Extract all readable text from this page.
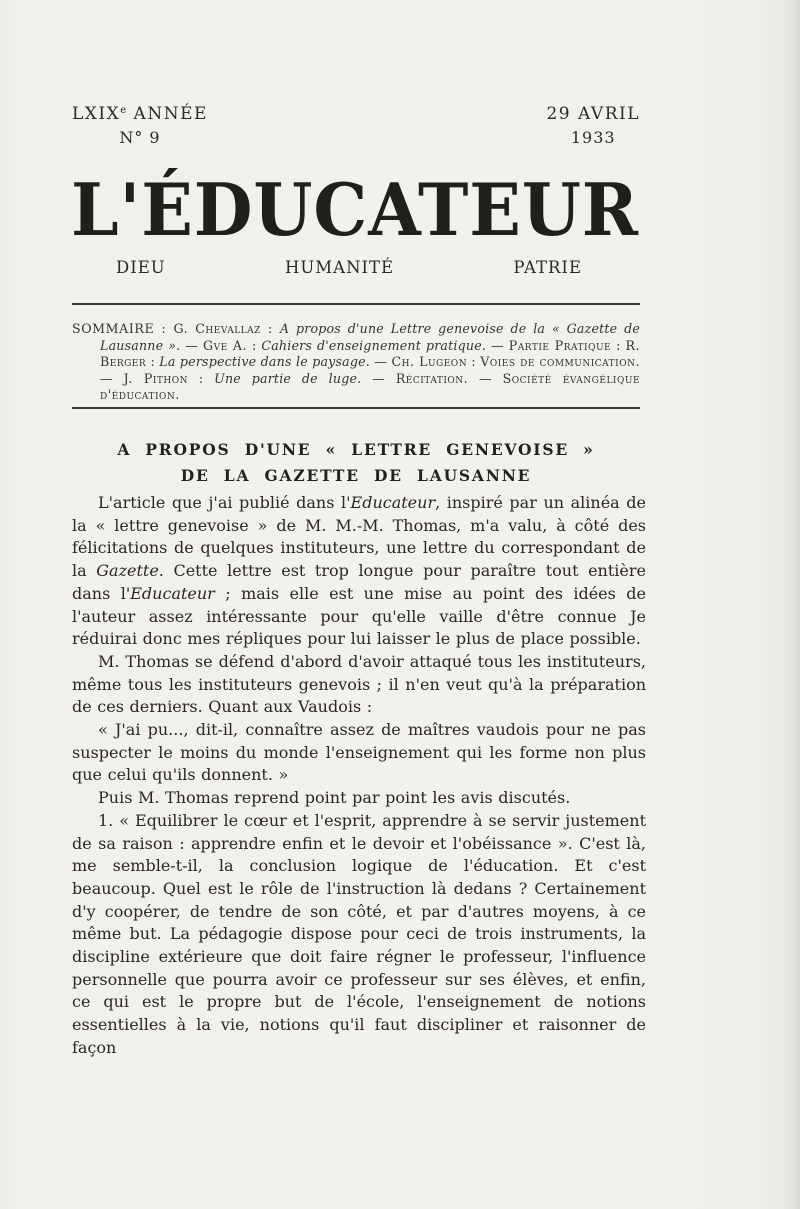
LXIXe ANNÉE
N° 9
29 AVRIL
1933
L'ÉDUCATEUR
DIEU	HUMANITÉ	PATRIE

SOMMAIRE : G. Chevallaz : A propos d'une Lettre genevoise de la « Gazette de Lausanne ». — Gve A. : Cahiers d'enseignement pratique. — Partie Pratique : R. Berger : La perspective dans le paysage. — Ch. Lugeon : Voies de communication. — J. Pithon : Une partie de luge. — Récitation. — Société évangélique d'éducation.

A PROPOS D'UNE « LETTRE GENEVOISE »
DE LA GAZETTE DE LAUSANNE

L'article que j'ai publié dans l'Educateur, inspiré par un alinéa de la « lettre genevoise » de M. M.-M. Thomas, m'a valu, à côté des félicitations de quelques instituteurs, une lettre du correspondant de la Gazette. Cette lettre est trop longue pour paraître tout entière dans l'Educateur ; mais elle est une mise au point des idées de l'auteur assez intéressante pour qu'elle vaille d'être connue Je réduirai donc mes répliques pour lui laisser le plus de place possible.

M. Thomas se défend d'abord d'avoir attaqué tous les instituteurs, même tous les instituteurs genevois ; il n'en veut qu'à la préparation de ces derniers. Quant aux Vaudois :

« J'ai pu..., dit-il, connaître assez de maîtres vaudois pour ne pas suspecter le moins du monde l'enseignement qui les forme non plus que celui qu'ils donnent. »

Puis M. Thomas reprend point par point les avis discutés.

1. « Equilibrer le cœur et l'esprit, apprendre à se servir justement de sa raison : apprendre enfin et le devoir et l'obéissance ». C'est là, me semble-t-il, la conclusion logique de l'éducation. Et c'est beaucoup. Quel est le rôle de l'instruction là dedans ? Certainement d'y coopérer, de tendre de son côté, et par d'autres moyens, à ce même but. La pédagogie dispose pour ceci de trois instruments, la discipline extérieure que doit faire régner le professeur, l'influence personnelle que pourra avoir ce professeur sur ses élèves, et enfin, ce qui est le propre but de l'école, l'enseignement de notions essentielles à la vie, notions qu'il faut discipliner et raisonner de façon
